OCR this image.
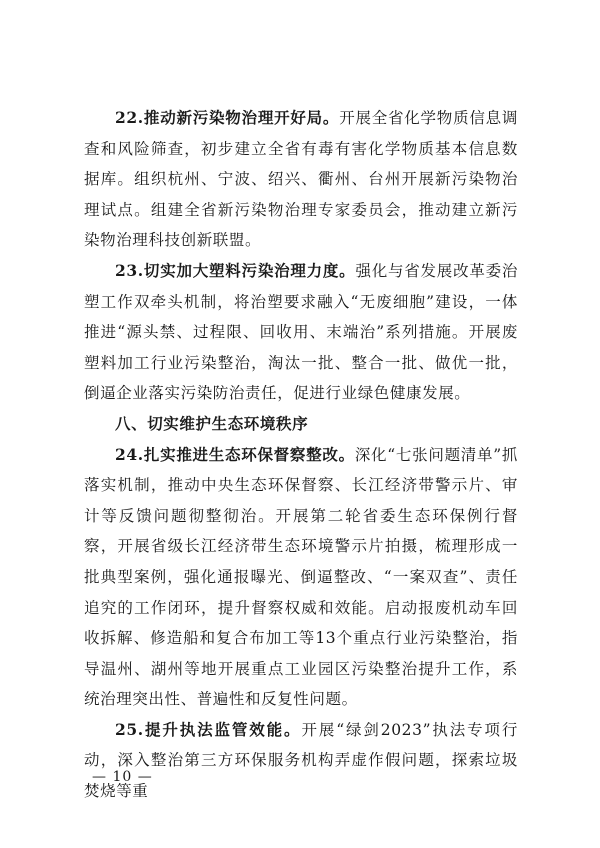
22.推动新污染物治理开好局。开展全省化学物质信息调查和风险筛查，初步建立全省有毒有害化学物质基本信息数据库。组织杭州、宁波、绍兴、衢州、台州开展新污染物治理试点。组建全省新污染物治理专家委员会，推动建立新污染物治理科技创新联盟。

23.切实加大塑料污染治理力度。强化与省发展改革委治塑工作双牵头机制，将治塑要求融入“无废细胞”建设，一体推进“源头禁、过程限、回收用、末端治”系列措施。开展废塑料加工行业污染整治，淘汰一批、整合一批、做优一批，倒逼企业落实污染防治责任，促进行业绿色健康发展。

八、切实维护生态环境秩序

24.扎实推进生态环保督察整改。深化“七张问题清单”抓落实机制，推动中央生态环保督察、长江经济带警示片、审计等反馈问题彻整彻治。开展第二轮省委生态环保例行督察，开展省级长江经济带生态环境警示片拍摄，梳理形成一批典型案例，强化通报曝光、倒逼整改、“一案双查”、责任追究的工作闭环，提升督察权威和效能。启动报废机动车回收拆解、修造船和复合布加工等13个重点行业污染整治，指导温州、湖州等地开展重点工业园区污染整治提升工作，系统治理突出性、普遍性和反复性问题。

25.提升执法监管效能。开展“绿剑2023”执法专项行动，深入整治第三方环保服务机构弄虚作假问题，探索垃圾焚烧等重

— 10 —
